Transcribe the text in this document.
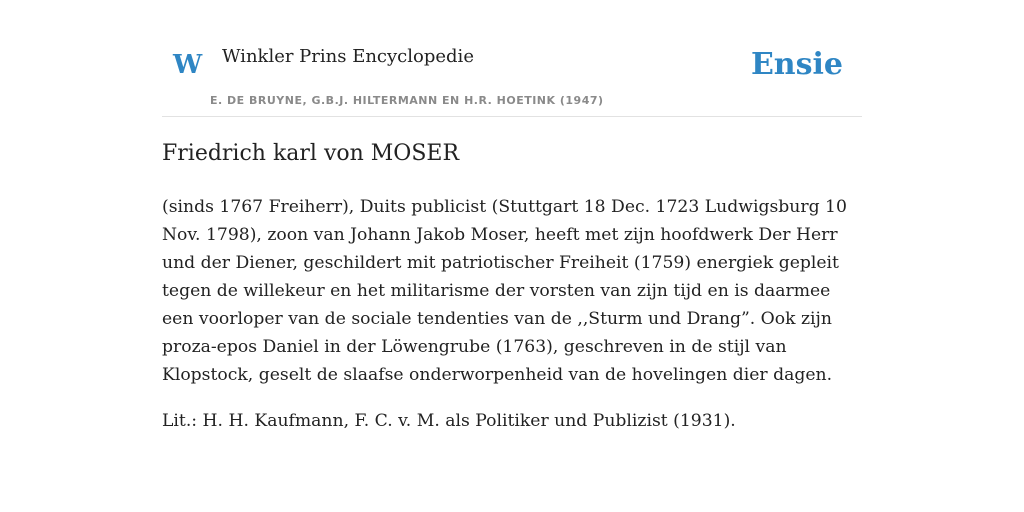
W Winkler Prins Encyclopedie
E. DE BRUYNE, G.B.J. HILTERMANN EN H.R. HOETINK (1947)
Ensie
Friedrich karl von MOSER

(sinds 1767 Freiherr), Duits publicist (Stuttgart 18 Dec. 1723 Ludwigsburg 10 Nov. 1798), zoon van Johann Jakob Moser, heeft met zijn hoofdwerk Der Herr und der Diener, geschildert mit patriotischer Freiheit (1759) energiek gepleit tegen de willekeur en het militarisme der vorsten van zijn tijd en is daarmee een voorloper van de sociale tendenties van de ,,Sturm und Drang”. Ook zijn proza-epos Daniel in der Löwengrube (1763), geschreven in de stijl van Klopstock, geselt de slaafse onderworpenheid van de hovelingen dier dagen.

Lit.: H. H. Kaufmann, F. C. v. M. als Politiker und Publizist (1931).
